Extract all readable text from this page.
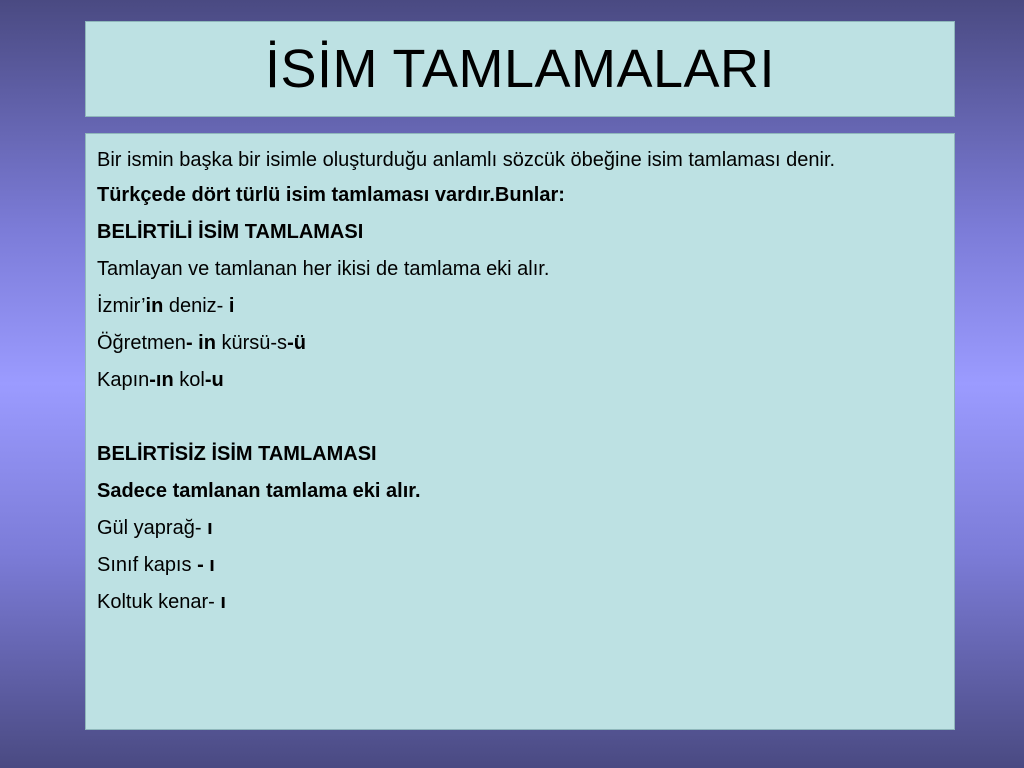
İSİM TAMLAMALARI
Bir ismin başka bir isimle oluşturduğu anlamlı sözcük öbeğine isim tamlaması denir.
Türkçede dört türlü isim tamlaması vardır.Bunlar:
BELİRTİLİ İSİM TAMLAMASI
Tamlayan ve tamlanan her ikisi de tamlama eki alır.
İzmir’in deniz- i
Öğretmen- in kürsü-s-ü
Kapın-ın kol-u
BELİRTİSİZ İSİM TAMLAMASI
Sadece tamlanan tamlama eki alır.
Gül yaprağ- ı
Sınıf kapıs - ı
Koltuk kenar- ı
